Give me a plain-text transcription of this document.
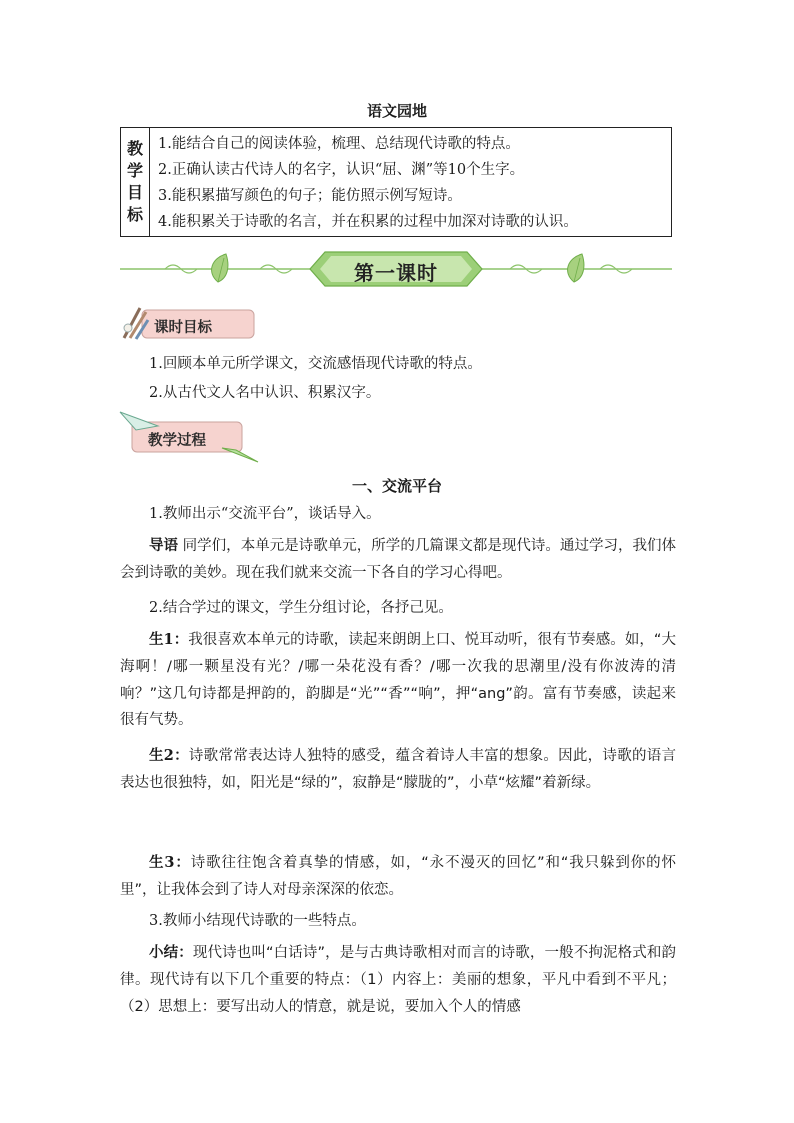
语文园地
教
学
目
标
1.能结合自己的阅读体验，梳理、总结现代诗歌的特点。
2.正确认读古代诗人的名字，认识“屈、渊”等10个生字。
3.能积累描写颜色的句子；能仿照示例写短诗。
4.能积累关于诗歌的名言，并在积累的过程中加深对诗歌的认识。
第一课时
课时目标
1.回顾本单元所学课文，交流感悟现代诗歌的特点。
2.从古代文人名中认识、积累汉字。
教学过程
一、交流平台
1.教师出示“交流平台”，谈话导入。
导语 同学们，本单元是诗歌单元，所学的几篇课文都是现代诗。通过学习，我们体会到诗歌的美妙。现在我们就来交流一下各自的学习心得吧。
2.结合学过的课文，学生分组讨论，各抒己见。
生1：我很喜欢本单元的诗歌，读起来朗朗上口、悦耳动听，很有节奏感。如，“大海啊！/哪一颗星没有光？/哪一朵花没有香？/哪一次我的思潮里/没有你波涛的清响？”这几句诗都是押韵的，韵脚是“光”“香”“响”，押“ang”韵。富有节奏感，读起来很有气势。
生2：诗歌常常表达诗人独特的感受，蕴含着诗人丰富的想象。因此，诗歌的语言表达也很独特，如，阳光是“绿的”，寂静是“朦胧的”，小草“炫耀”着新绿。
生3：诗歌往往饱含着真挚的情感，如，“永不漫灭的回忆”和“我只躲到你的怀里”，让我体会到了诗人对母亲深深的依恋。
3.教师小结现代诗歌的一些特点。
小结：现代诗也叫“白话诗”，是与古典诗歌相对而言的诗歌，一般不拘泥格式和韵律。现代诗有以下几个重要的特点：（1）内容上：美丽的想象，平凡中看到不平凡；（2）思想上：要写出动人的情意，就是说，要加入个人的情感
